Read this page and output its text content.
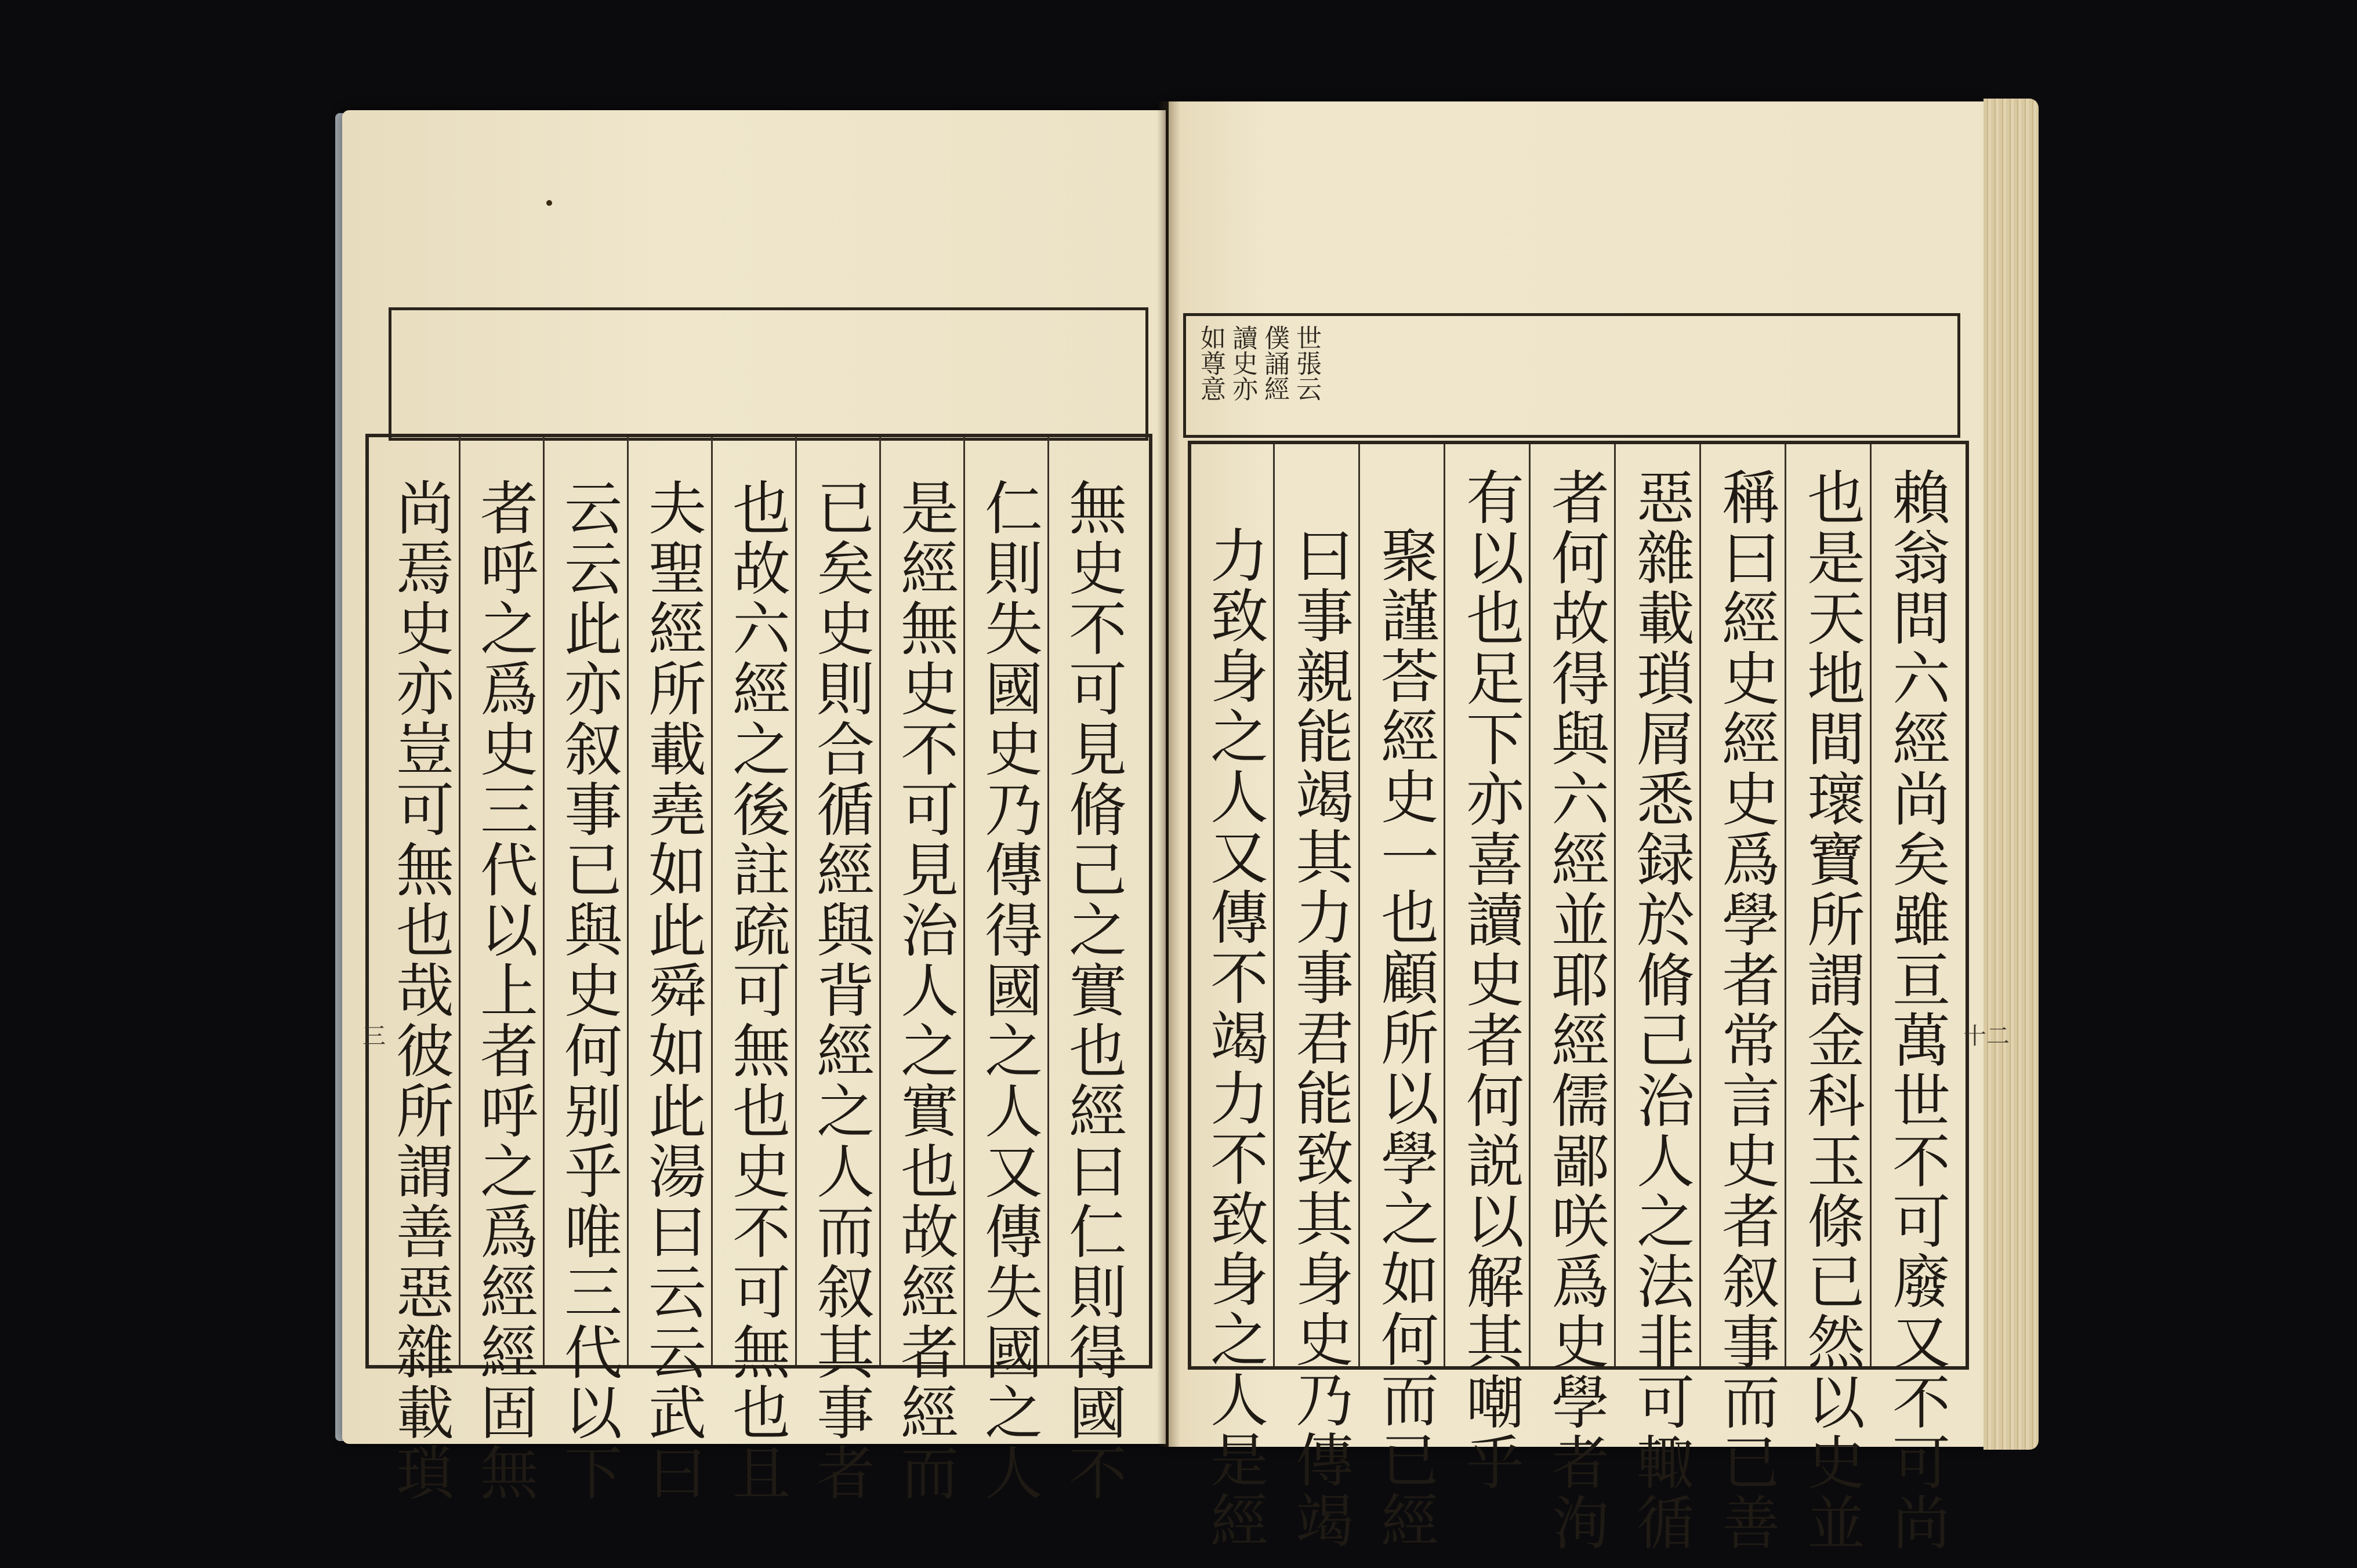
世張云
僕誦經
讀史亦
如尊意
無史不可見脩己之實也經曰仁則得國不
仁則失國史乃傳得國之人又傳失國之人
是經無史不可見治人之實也故經者經而
已矣史則合循經與背經之人而叙其事者
也故六經之後註疏可無也史不可無也且
夫聖經所載堯如此舜如此湯曰云云武曰
云云此亦叙事已與史何别乎唯三代以下
者呼之爲史三代以上者呼之爲經經固無
尚焉史亦豈可無也哉彼所謂善惡雜載瑣
三	賴翁問六經尚矣雖亘萬世不可廢又不可尚
也是天地間瓌寶所謂金科玉條已然以史並
稱曰經史經史爲學者常言史者叙事而已善
惡雜載瑣屑悉録於脩己治人之法非可輙循
者何故得與六經並耶經儒鄙咲爲史學者洵
有以也足下亦喜讀史者何説以解其嘲乎
聚謹荅經史一也顧所以學之如何而已經
曰事親能竭其力事君能致其身史乃傳竭
力致身之人又傳不竭力不致身之人是經	十二
